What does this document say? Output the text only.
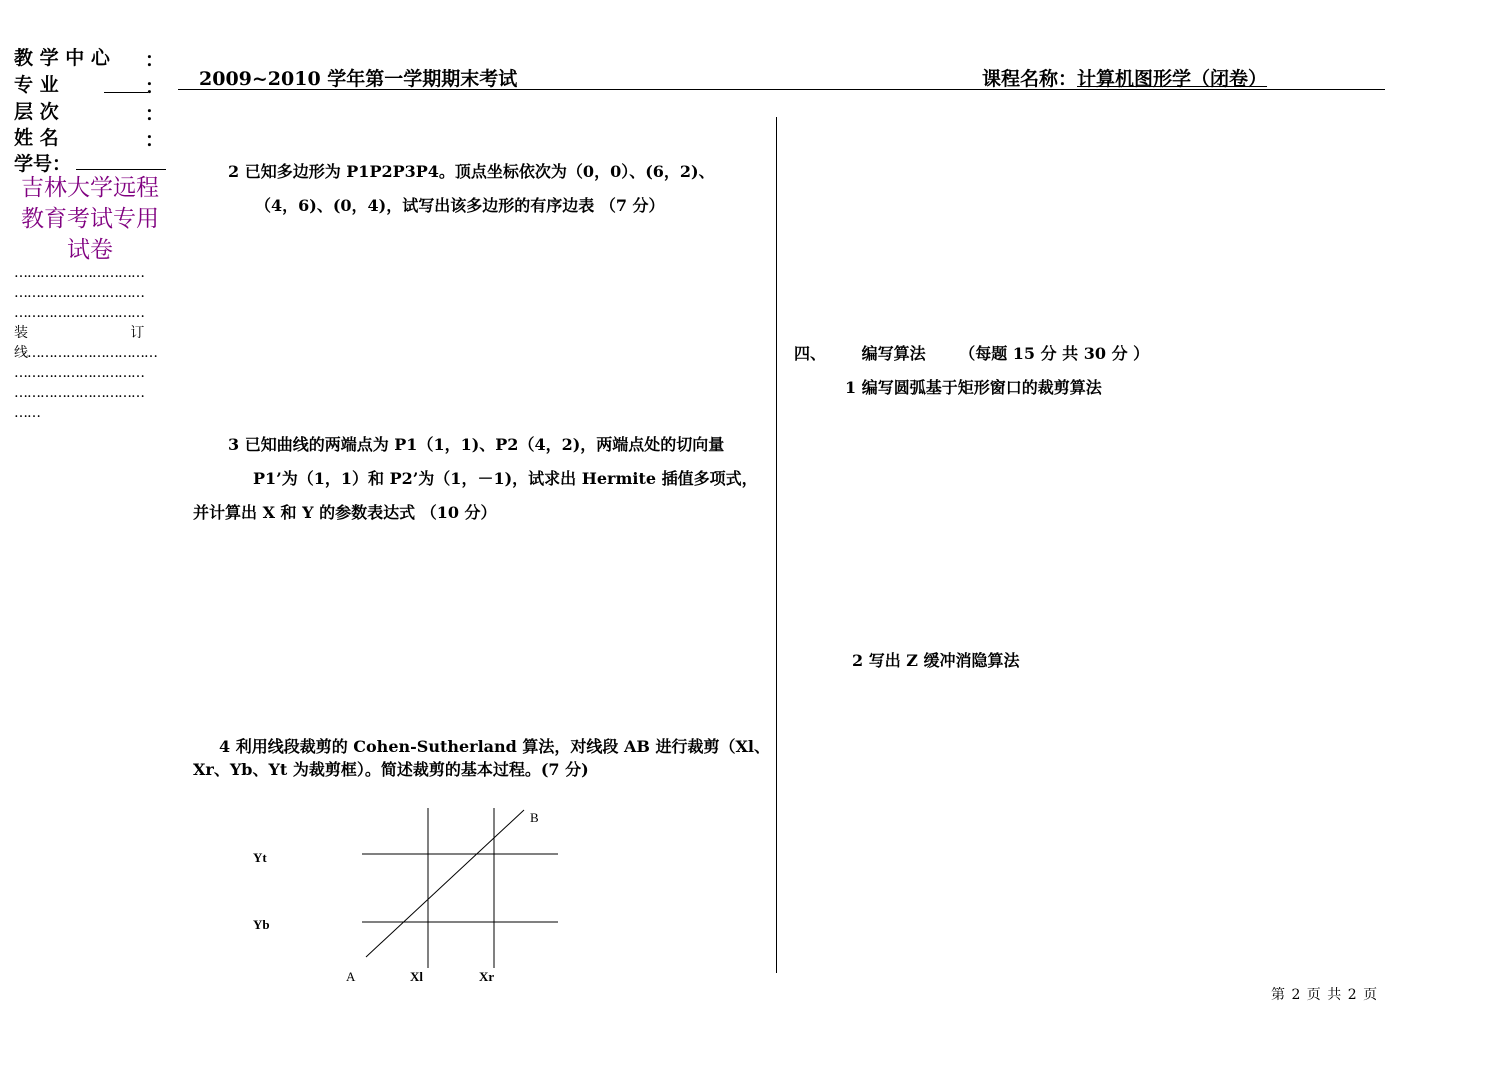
教 学 中 心 ：
专 业	：
层 次	：
姓 名	：
学号：
吉林大学远程
教育考试专用
试卷
…………………………
…………………………
…………………………
装                       订
线…………………………
…………………………
…………………………
……
2009~2010 学年第一学期期末考试	课程名称：计算机图形学（闭卷）
2 已知多边形为 P1P2P3P4。顶点坐标依次为（0，0）、(6，2)、
（4，6)、(0，4)，试写出该多边形的有序边表 （7 分）
3 已知曲线的两端点为 P1（1，1)、P2（4，2)，两端点处的切向量
P1’为（1，1）和 P2’为（1，－1)，试求出 Hermite 插值多项式，
并计算出 X 和 Y 的参数表达式 （10 分）
4 利用线段裁剪的 Cohen-Sutherland 算法，对线段 AB 进行裁剪（Xl、
Xr、Yb、Yt 为裁剪框）。简述裁剪的基本过程。(7 分)
B
A
Yt
Yb
Xl	Xr
四、 编写算法 （每题 15 分 共 30 分 ）
1 编写圆弧基于矩形窗口的裁剪算法
2 写出 Z 缓冲消隐算法
第 2 页 共 2 页
